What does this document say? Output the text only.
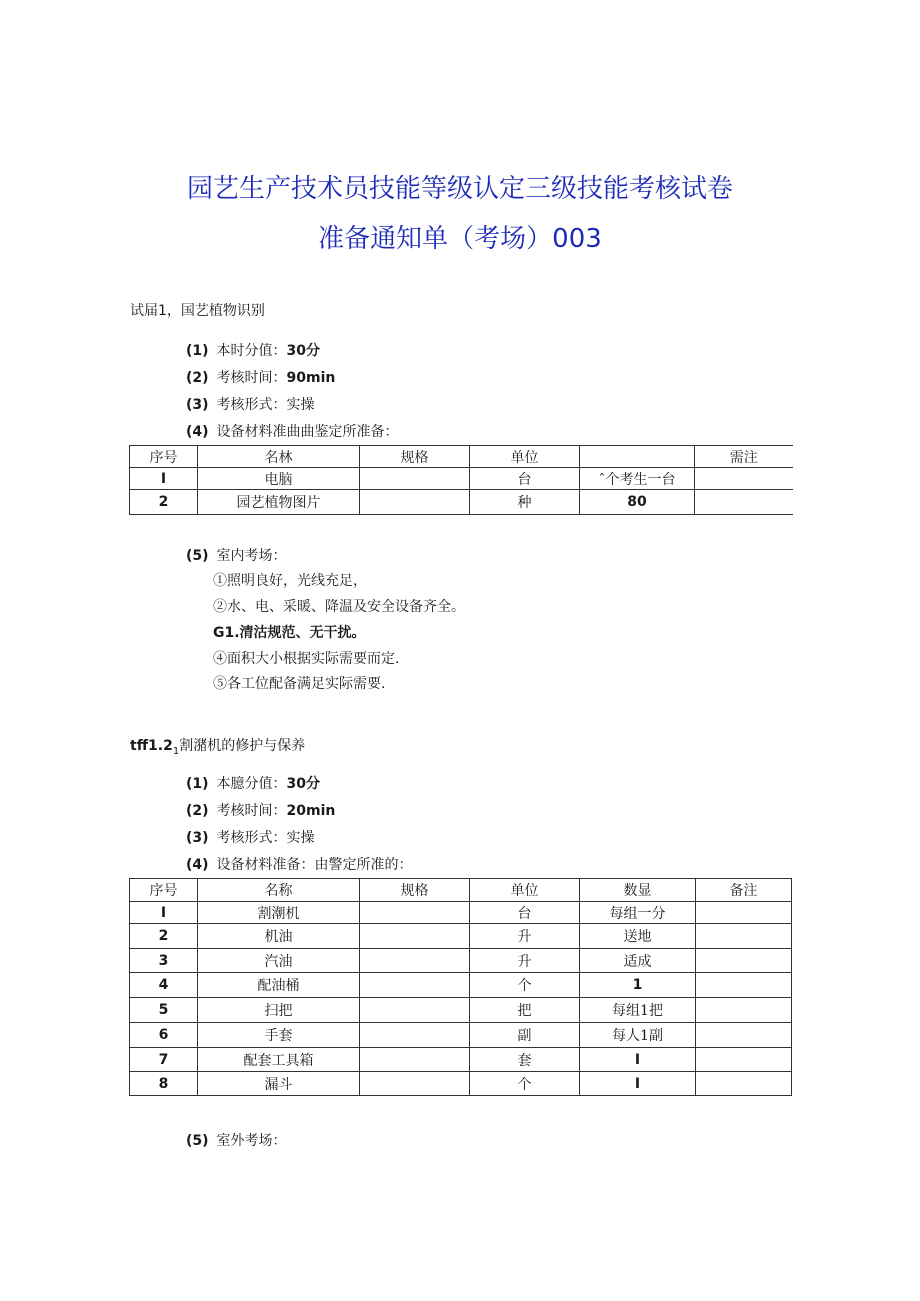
园艺生产技术员技能等级认定三级技能考核试卷
准备通知单（考场）003
试届1，国艺植物识别
(1) 本时分值：30分
(2) 考核时间：90min
(3) 考核形式：实操
(4) 设备材料准曲曲鉴定所准备：
序号	名林	规格	单位		需注
I	电脑		台	ˆ个考生一台	
2	园艺植物图片		种	80	
(5) 室内考场：
①照明良好，光线充足，
②水、电、采暖、降温及安全设备齐全。
G1.清沽规范、无干扰。
④面积大小根据实际需要而定.
⑤各工位配备满足实际需要.
$tff1.2_1$割潴机的修护与保养
(1) 本臆分值：30分
(2) 考核时间：20min
(3) 考核形式：实操
(4) 设备材料准备：由警定所准的：
序号	名称	规格	单位	数显	备注
I	割潮机		台	每组一分	
2	机油		升	送地	
3	汽油		升	适成	
4	配油桶		个	1	
5	扫把		把	每组1把	
6	手套		副	每人1副	
7	配套工具箱		套	I	
8	漏斗		个	I	
(5) 室外考场：
